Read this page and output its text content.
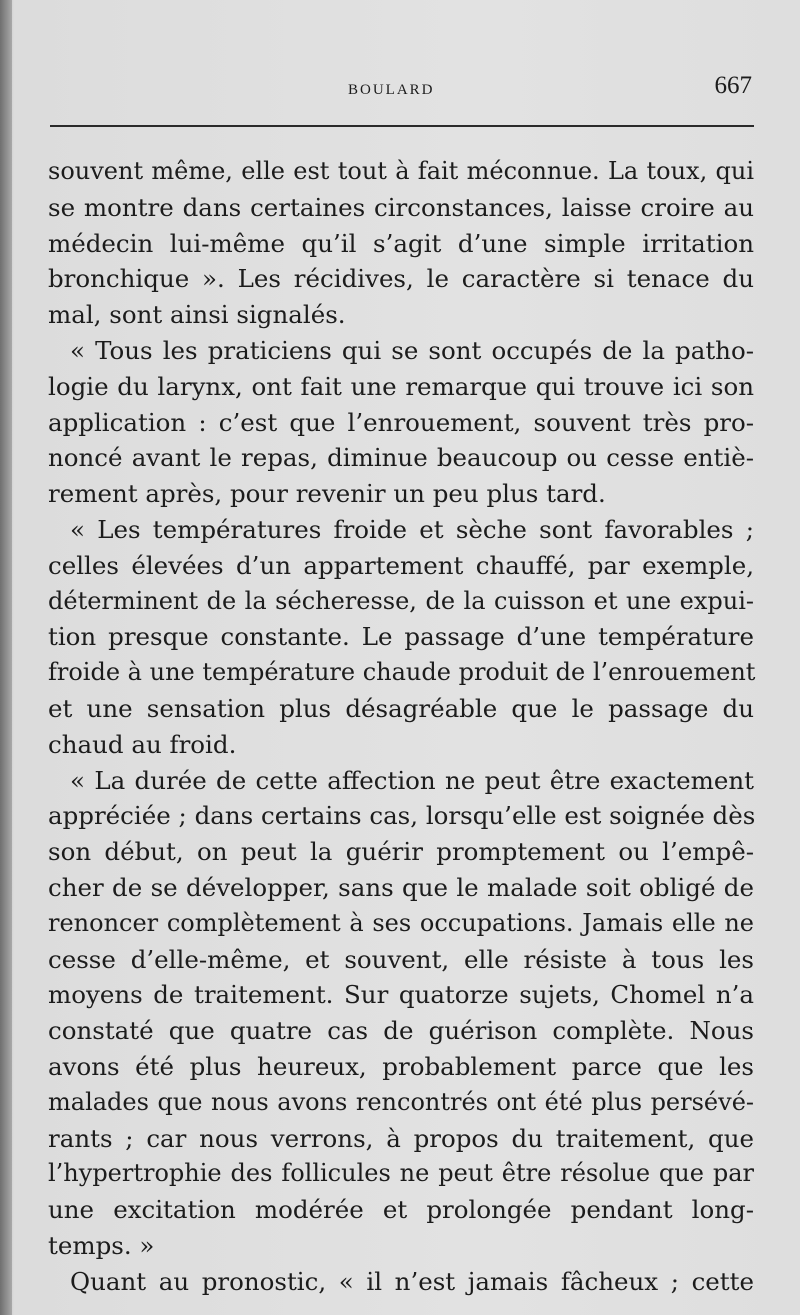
BOULARD	667
souvent même, elle est tout à fait méconnue. La toux, qui
se montre dans certaines circonstances, laisse croire au
médecin lui-même qu’il s’agit d’une simple irritation
bronchique ». Les récidives, le caractère si tenace du
mal, sont ainsi signalés.
« Tous les praticiens qui se sont occupés de la patho-
logie du larynx, ont fait une remarque qui trouve ici son
application : c’est que l’enrouement, souvent très pro-
noncé avant le repas, diminue beaucoup ou cesse entiè-
rement après, pour revenir un peu plus tard.
« Les températures froide et sèche sont favorables ;
celles élevées d’un appartement chauffé, par exemple,
déterminent de la sécheresse, de la cuisson et une expui-
tion presque constante. Le passage d’une température
froide à une température chaude produit de l’enrouement
et une sensation plus désagréable que le passage du
chaud au froid.
« La durée de cette affection ne peut être exactement
appréciée ; dans certains cas, lorsqu’elle est soignée dès
son début, on peut la guérir promptement ou l’empê-
cher de se développer, sans que le malade soit obligé de
renoncer complètement à ses occupations. Jamais elle ne
cesse d’elle-même, et souvent, elle résiste à tous les
moyens de traitement. Sur quatorze sujets, Chomel n’a
constaté que quatre cas de guérison complète. Nous
avons été plus heureux, probablement parce que les
malades que nous avons rencontrés ont été plus persévé-
rants ; car nous verrons, à propos du traitement, que
l’hypertrophie des follicules ne peut être résolue que par
une excitation modérée et prolongée pendant long-
temps. »
Quant au pronostic, « il n’est jamais fâcheux ; cette
